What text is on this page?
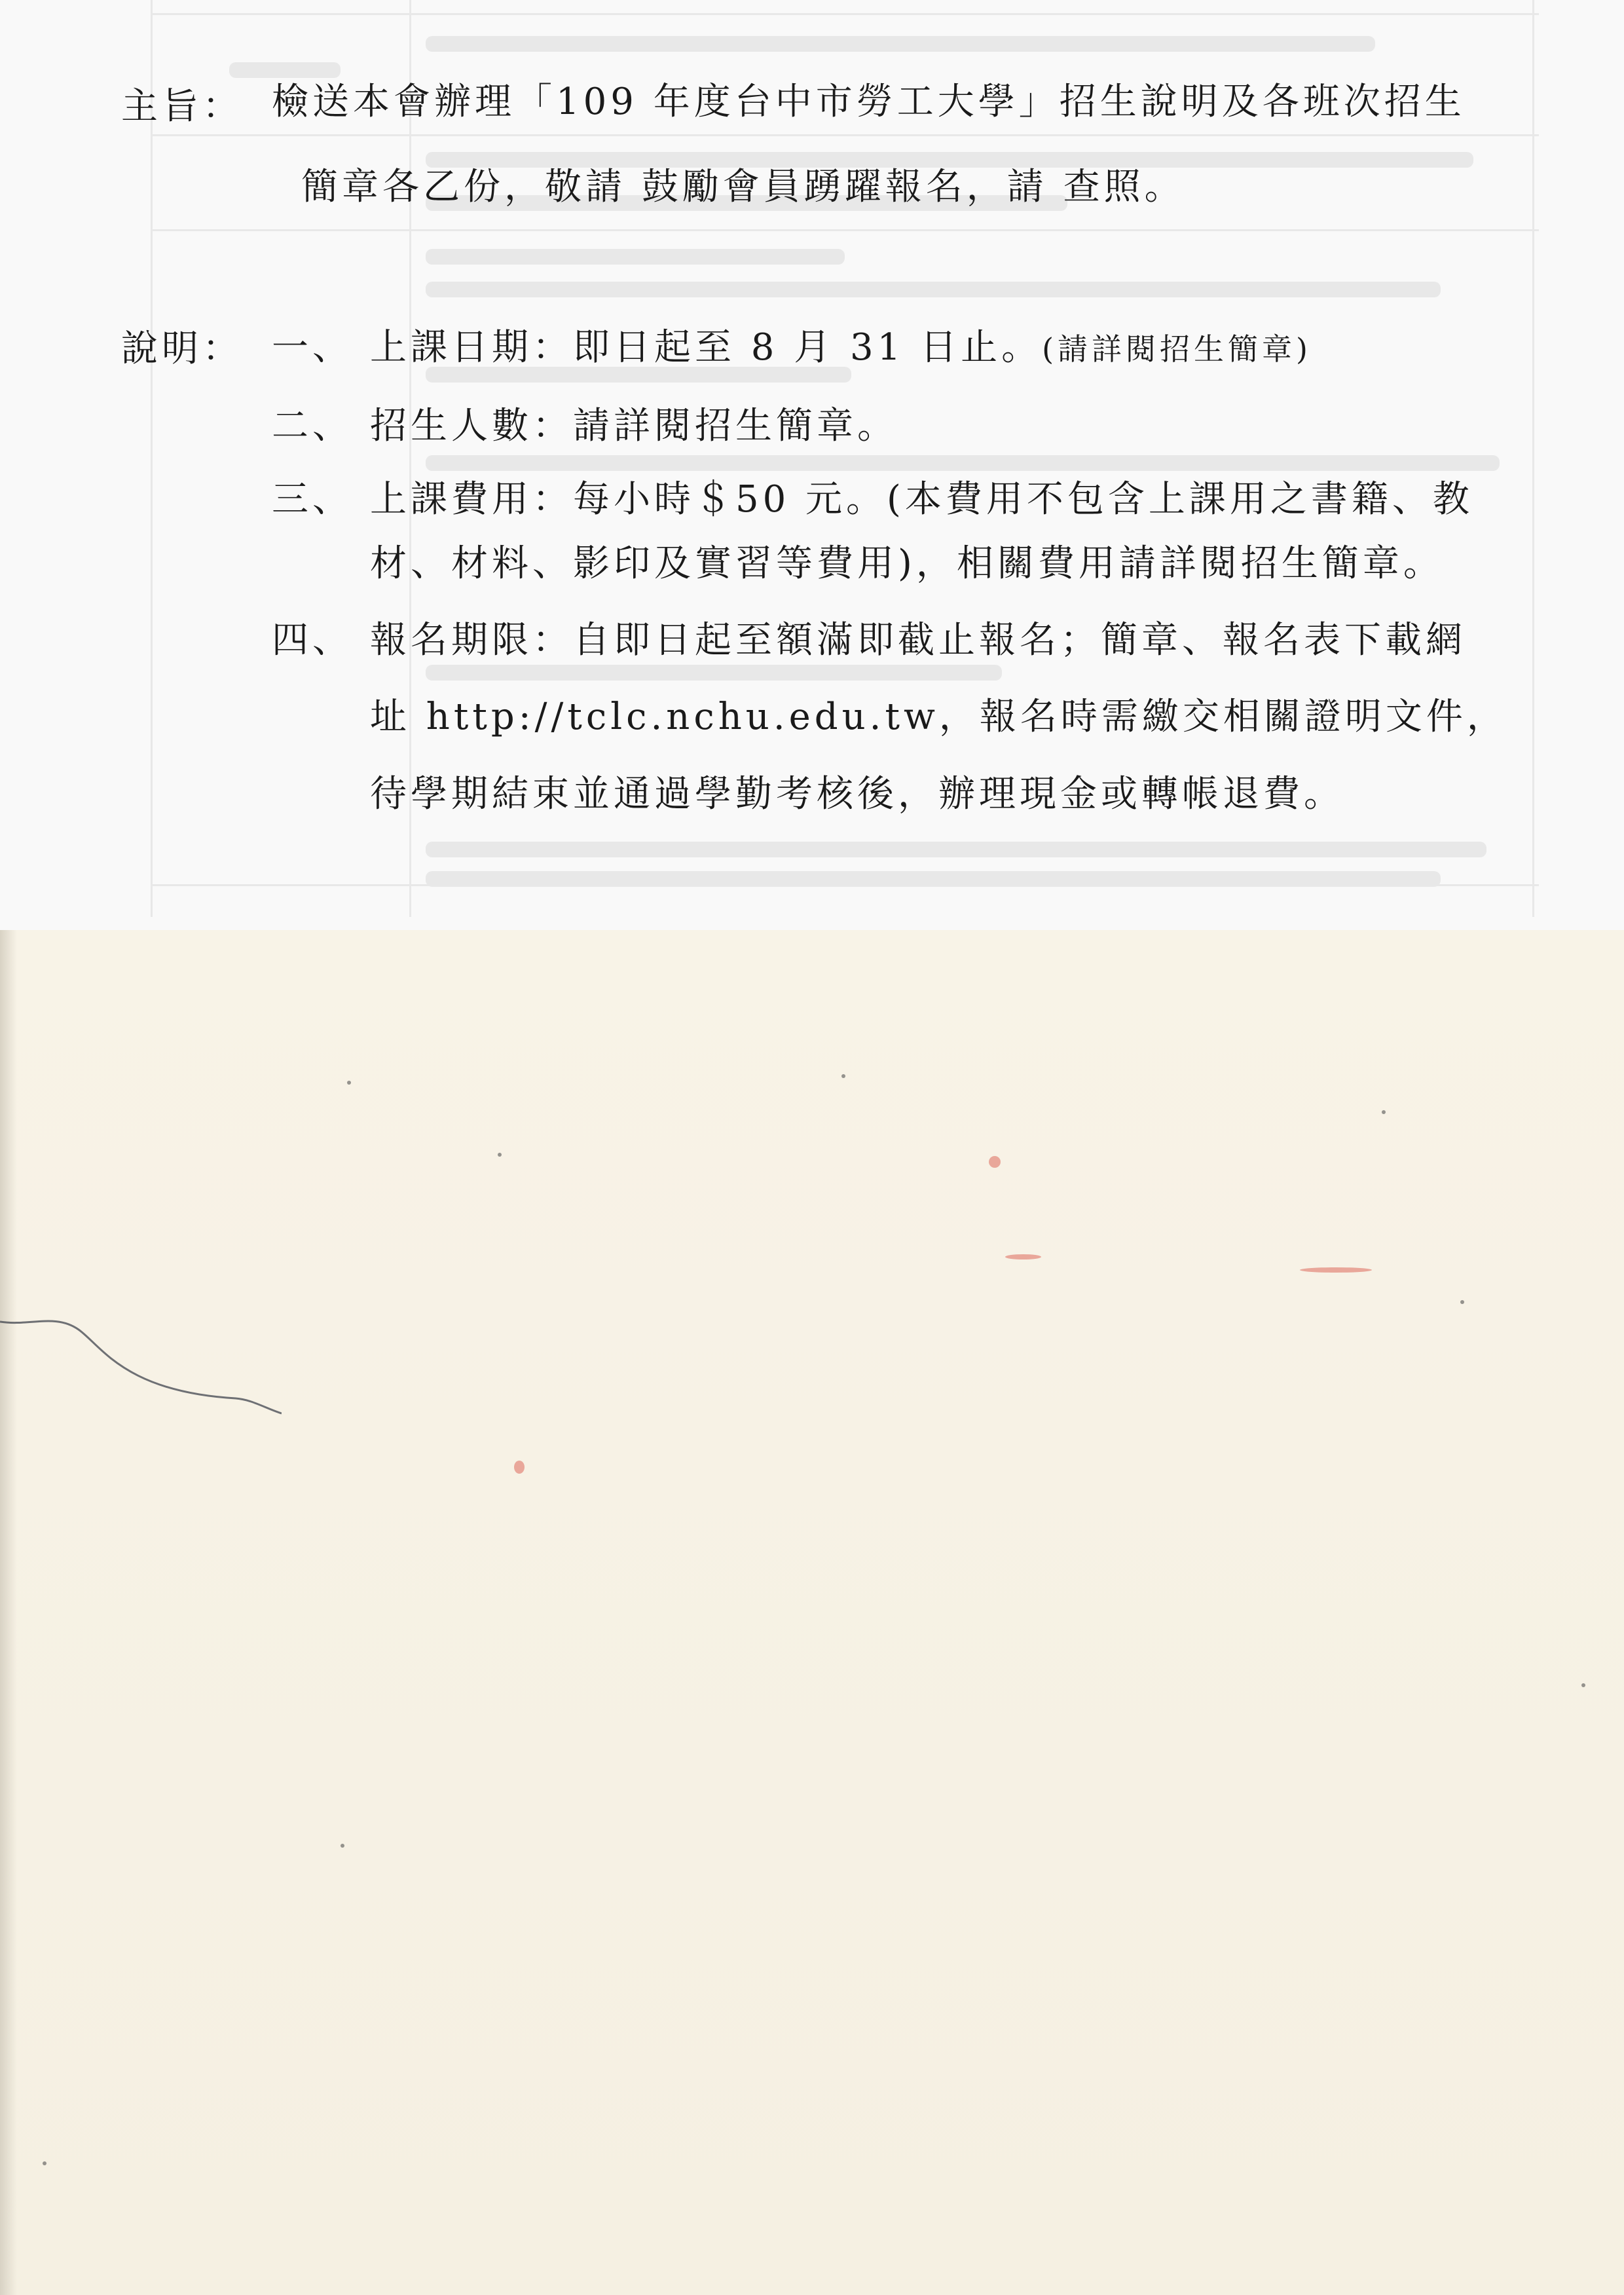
主旨： 檢送本會辦理「109 年度台中市勞工大學」招生說明及各班次招生
簡章各乙份，敬請 鼓勵會員踴躍報名，請 查照。
說明： 一、 上課日期：即日起至 8 月 31 日止。(請詳閱招生簡章)
二、 招生人數：請詳閱招生簡章。
三、 上課費用：每小時＄50 元。(本費用不包含上課用之書籍、教
材、材料、影印及實習等費用)，相關費用請詳閱招生簡章。
四、 報名期限：自即日起至額滿即截止報名；簡章、報名表下載網
址 http://tclc.nchu.edu.tw，報名時需繳交相關證明文件，
待學期結束並通過學勤考核後，辦理現金或轉帳退費。
